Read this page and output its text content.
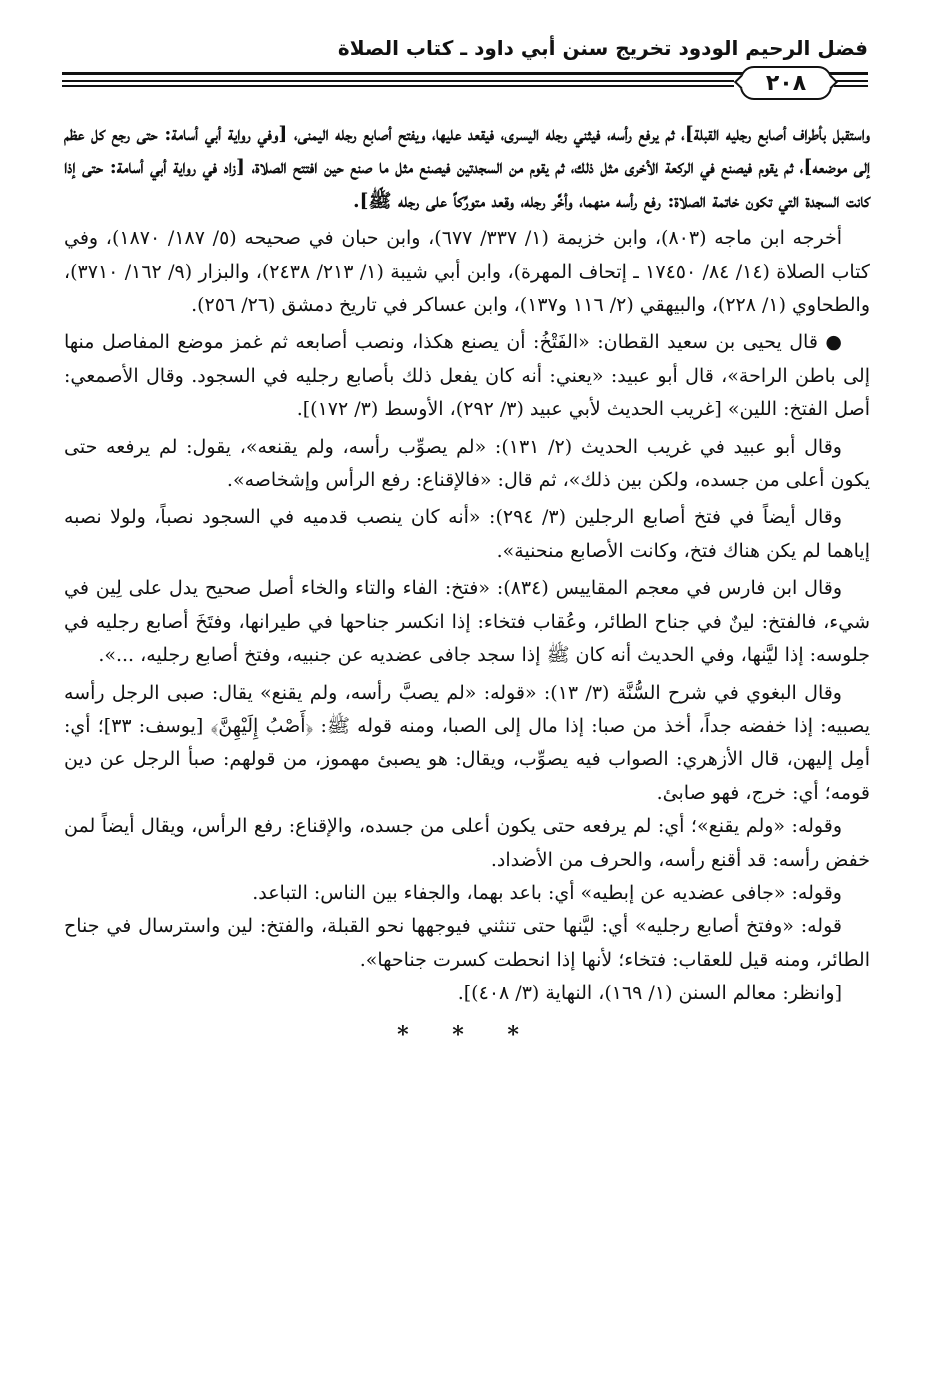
فضل الرحيم الودود تخريج سنن أبي داود ـ كتاب الصلاة
٢٠٨

واستقبل بأطراف أصابع رجليه القبلة]، ثم يرفع رأسه، فيثني رجله اليسرى، فيقعد عليها، ويفتح أصابع رجله اليمنى، [وفي رواية أبي أسامة: حتى رجع كل عظم إلى موضعه]، ثم يقوم فيصنع في الركعة الأخرى مثل ذلك، ثم يقوم من السجدتين فيصنع مثل ما صنع حين افتتح الصلاة، [زاد في رواية أبي أسامة: حتى إذا كانت السجدة التي تكون خاتمة الصلاة: رفع رأسه منهما، وأخَّر رجله، وقعد متورِّكاً على رجله ﷺ].

أخرجه ابن ماجه (٨٠٣)، وابن خزيمة (١/ ٣٣٧/ ٦٧٧)، وابن حبان في صحيحه (٥/ ١٨٧/ ١٨٧٠)، وفي كتاب الصلاة (١٤/ ٨٤/ ١٧٤٥٠ ـ إتحاف المهرة)، وابن أبي شيبة (١/ ٢١٣/ ٢٤٣٨)، والبزار (٩/ ١٦٢/ ٣٧١٠)، والطحاوي (١/ ٢٢٨)، والبيهقي (٢/ ١١٦ و١٣٧)، وابن عساكر في تاريخ دمشق (٢٦/ ٢٥٦).

● قال يحيى بن سعيد القطان: «الفَتْخُ: أن يصنع هكذا، ونصب أصابعه ثم غمز موضع المفاصل منها إلى باطن الراحة»، قال أبو عبيد: «يعني: أنه كان يفعل ذلك بأصابع رجليه في السجود. وقال الأصمعي: أصل الفتخ: اللين» [غريب الحديث لأبي عبيد (٣/ ٢٩٢)، الأوسط (٣/ ١٧٢)].

وقال أبو عبيد في غريب الحديث (٢/ ١٣١): «لم يصوِّب رأسه، ولم يقنعه»، يقول: لم يرفعه حتى يكون أعلى من جسده، ولكن بين ذلك»، ثم قال: «فالإقناع: رفع الرأس وإشخاصه».

وقال أيضاً في فتخ أصابع الرجلين (٣/ ٢٩٤): «أنه كان ينصب قدميه في السجود نصباً، ولولا نصبه إياهما لم يكن هناك فتخ، وكانت الأصابع منحنية».

وقال ابن فارس في معجم المقاييس (٨٣٤): «فتخ: الفاء والتاء والخاء أصل صحيح يدل على لِين في شيء، فالفتخ: لينٌ في جناح الطائر، وعُقاب فتخاء: إذا انكسر جناحها في طيرانها، وفتَخَ أصابع رجليه في جلوسه: إذا ليَّنها، وفي الحديث أنه كان ﷺ إذا سجد جافى عضديه عن جنبيه، وفتخ أصابع رجليه، ...».

وقال البغوي في شرح السُّنَّة (٣/ ١٣): «قوله: «لم يصبَّ رأسه، ولم يقنع» يقال: صبى الرجل رأسه يصبيه: إذا خفضه جداً، أخذ من صبا: إذا مال إلى الصبا، ومنه قوله ﷺ: ﴿أَصْبُ إِلَيْهِنَّ﴾ [يوسف: ٣٣]؛ أي: أمِل إليهن، قال الأزهري: الصواب فيه يصوِّب، ويقال: هو يصبئ مهموز، من قولهم: صبأ الرجل عن دين قومه؛ أي: خرج، فهو صابئ.

وقوله: «ولم يقنع»؛ أي: لم يرفعه حتى يكون أعلى من جسده، والإقناع: رفع الرأس، ويقال أيضاً لمن خفض رأسه: قد أقنع رأسه، والحرف من الأضداد.

وقوله: «جافى عضديه عن إبطيه» أي: باعد بهما، والجفاء بين الناس: التباعد.

قوله: «وفتخ أصابع رجليه» أي: ليَّنها حتى تنثني فيوجهها نحو القبلة، والفتخ: لين واسترسال في جناح الطائر، ومنه قيل للعقاب: فتخاء؛ لأنها إذا انحطت كسرت جناحها».

[وانظر: معالم السنن (١/ ١٦٩)، النهاية (٣/ ٤٠٨)].

* * *
